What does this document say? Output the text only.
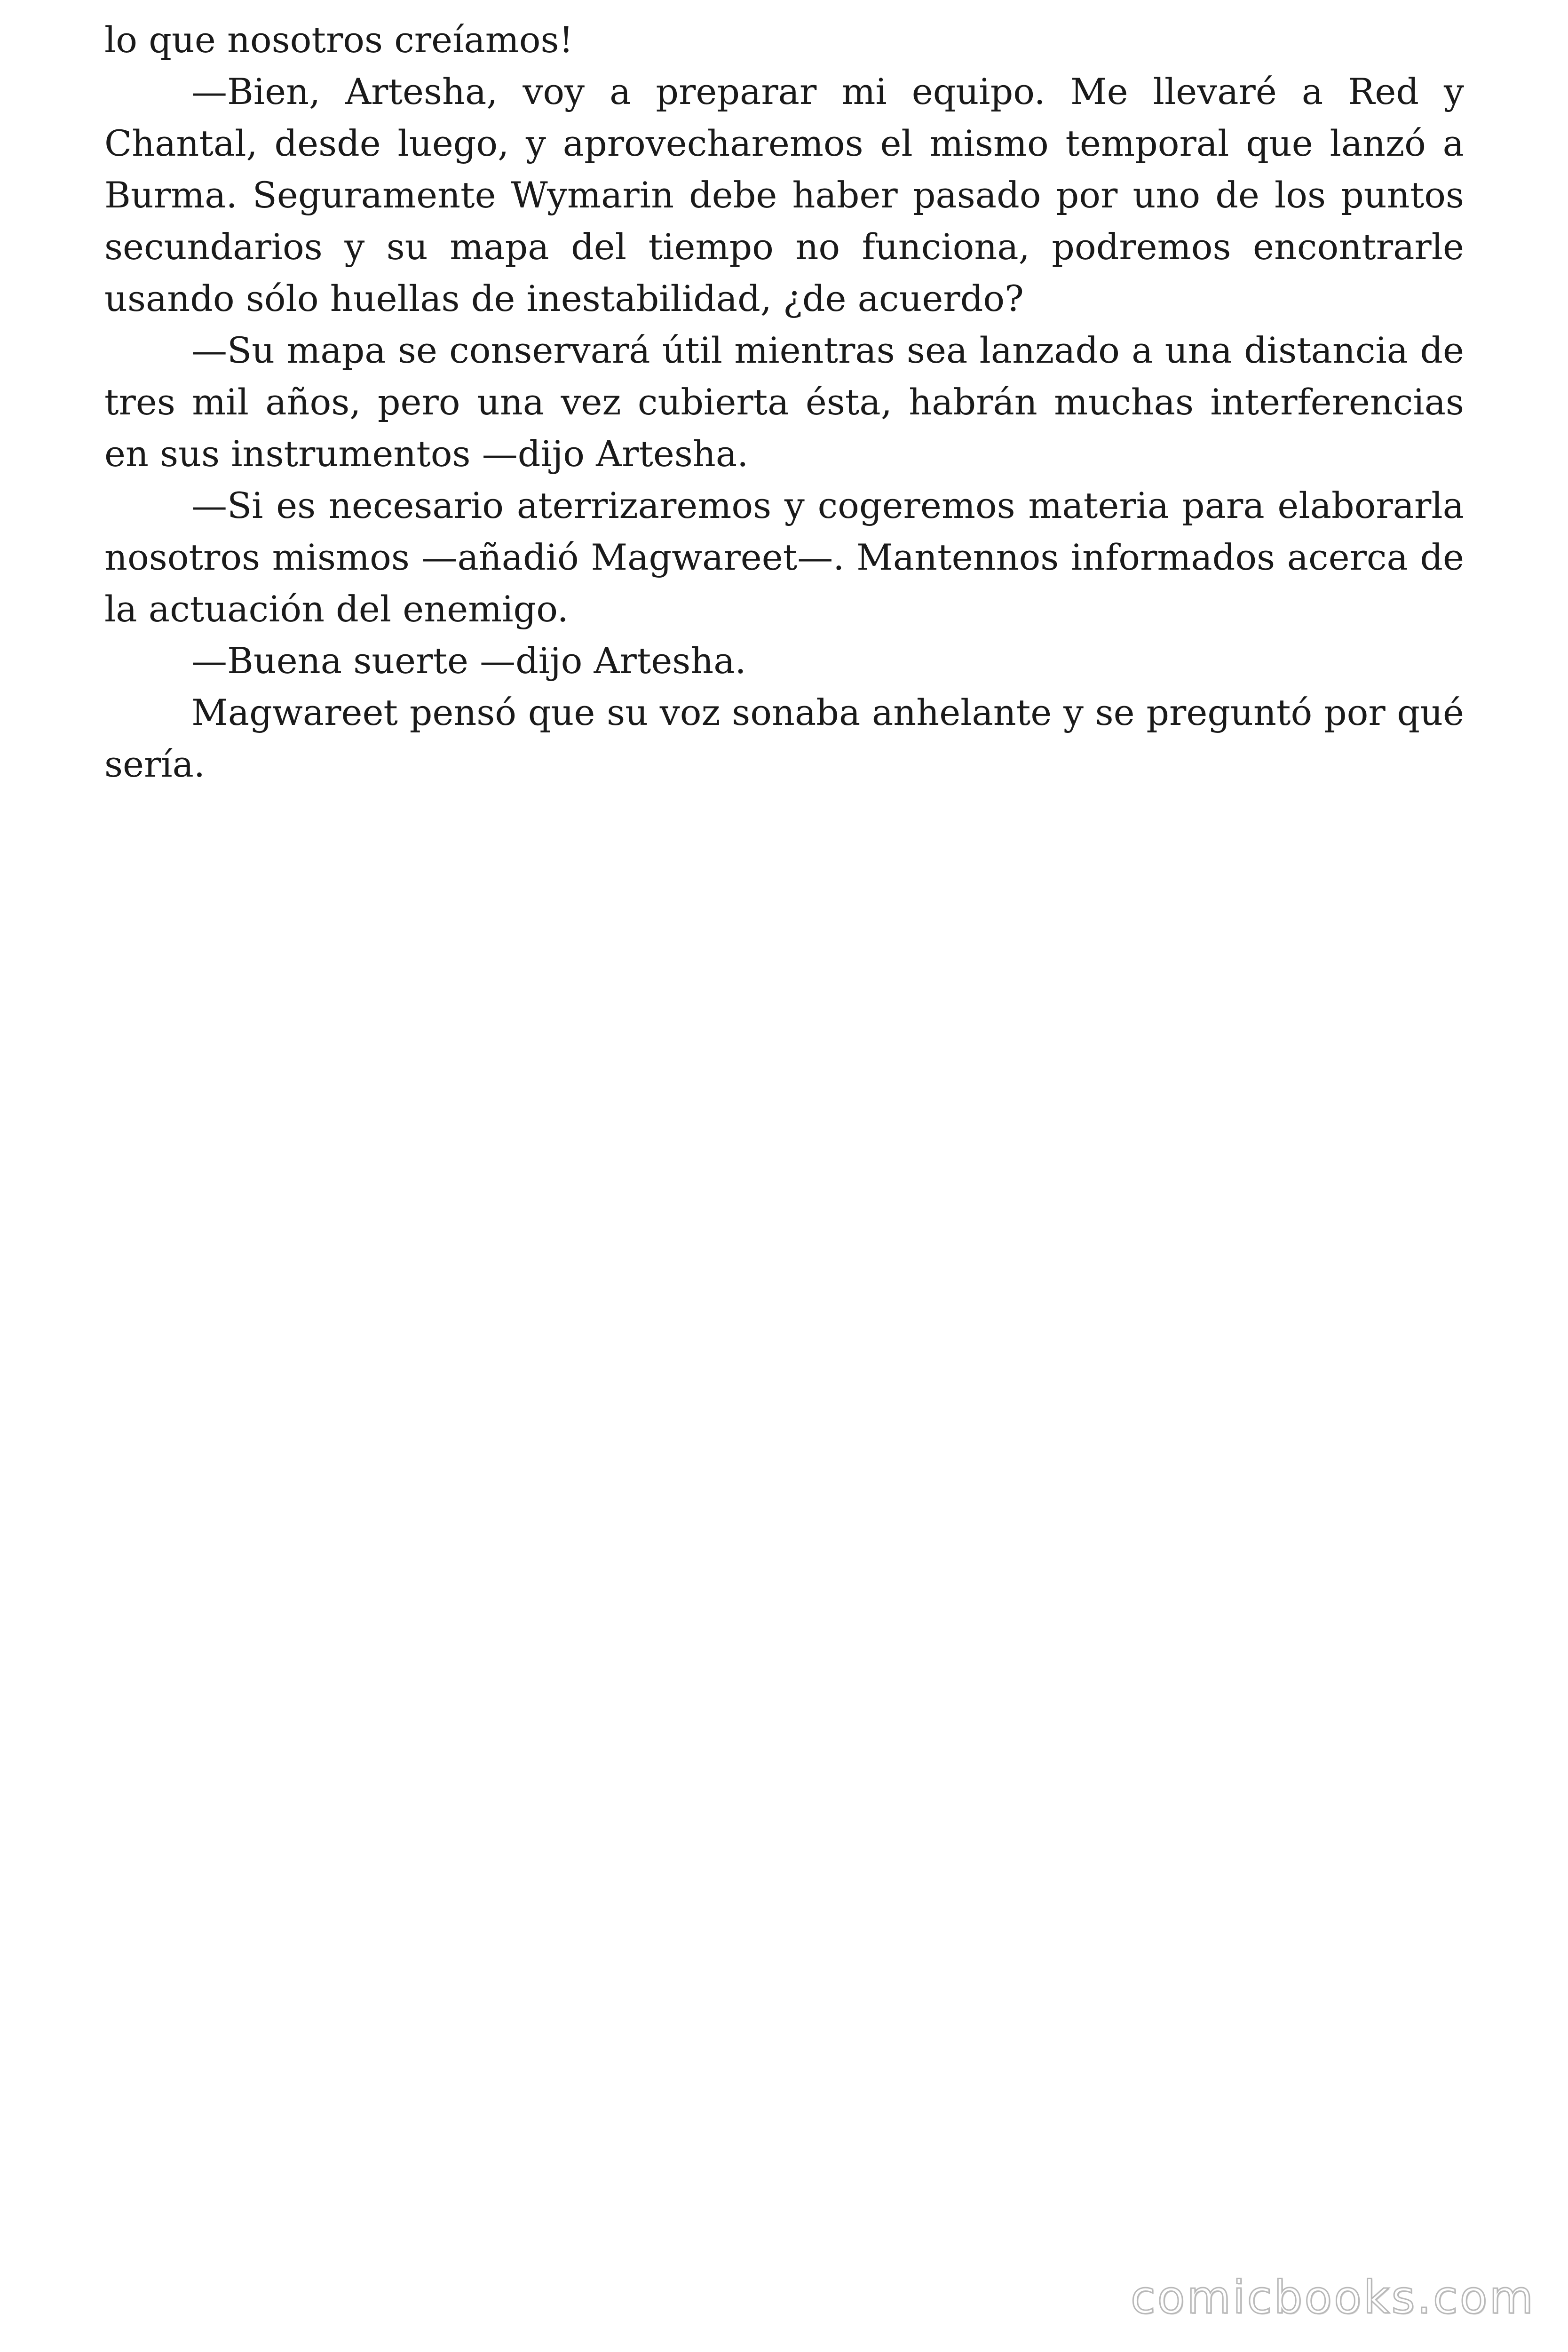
lo que nosotros creíamos!

—Bien, Artesha, voy a preparar mi equipo. Me llevaré a Red y Chantal, desde luego, y aprovecharemos el mismo temporal que lanzó a Burma. Seguramente Wymarin debe haber pasado por uno de los puntos secundarios y su mapa del tiempo no funciona, podremos encontrarle usando sólo huellas de inestabilidad, ¿de acuerdo?

—Su mapa se conservará útil mientras sea lanzado a una distancia de tres mil años, pero una vez cubierta ésta, habrán muchas interferencias en sus instrumentos —dijo Artesha.

—Si es necesario aterrizaremos y cogeremos materia para elaborarla nosotros mismos —añadió Magwareet—. Mantennos informados acerca de la actuación del enemigo.

—Buena suerte —dijo Artesha.

Magwareet pensó que su voz sonaba anhelante y se preguntó por qué sería.

comicbooks.com
